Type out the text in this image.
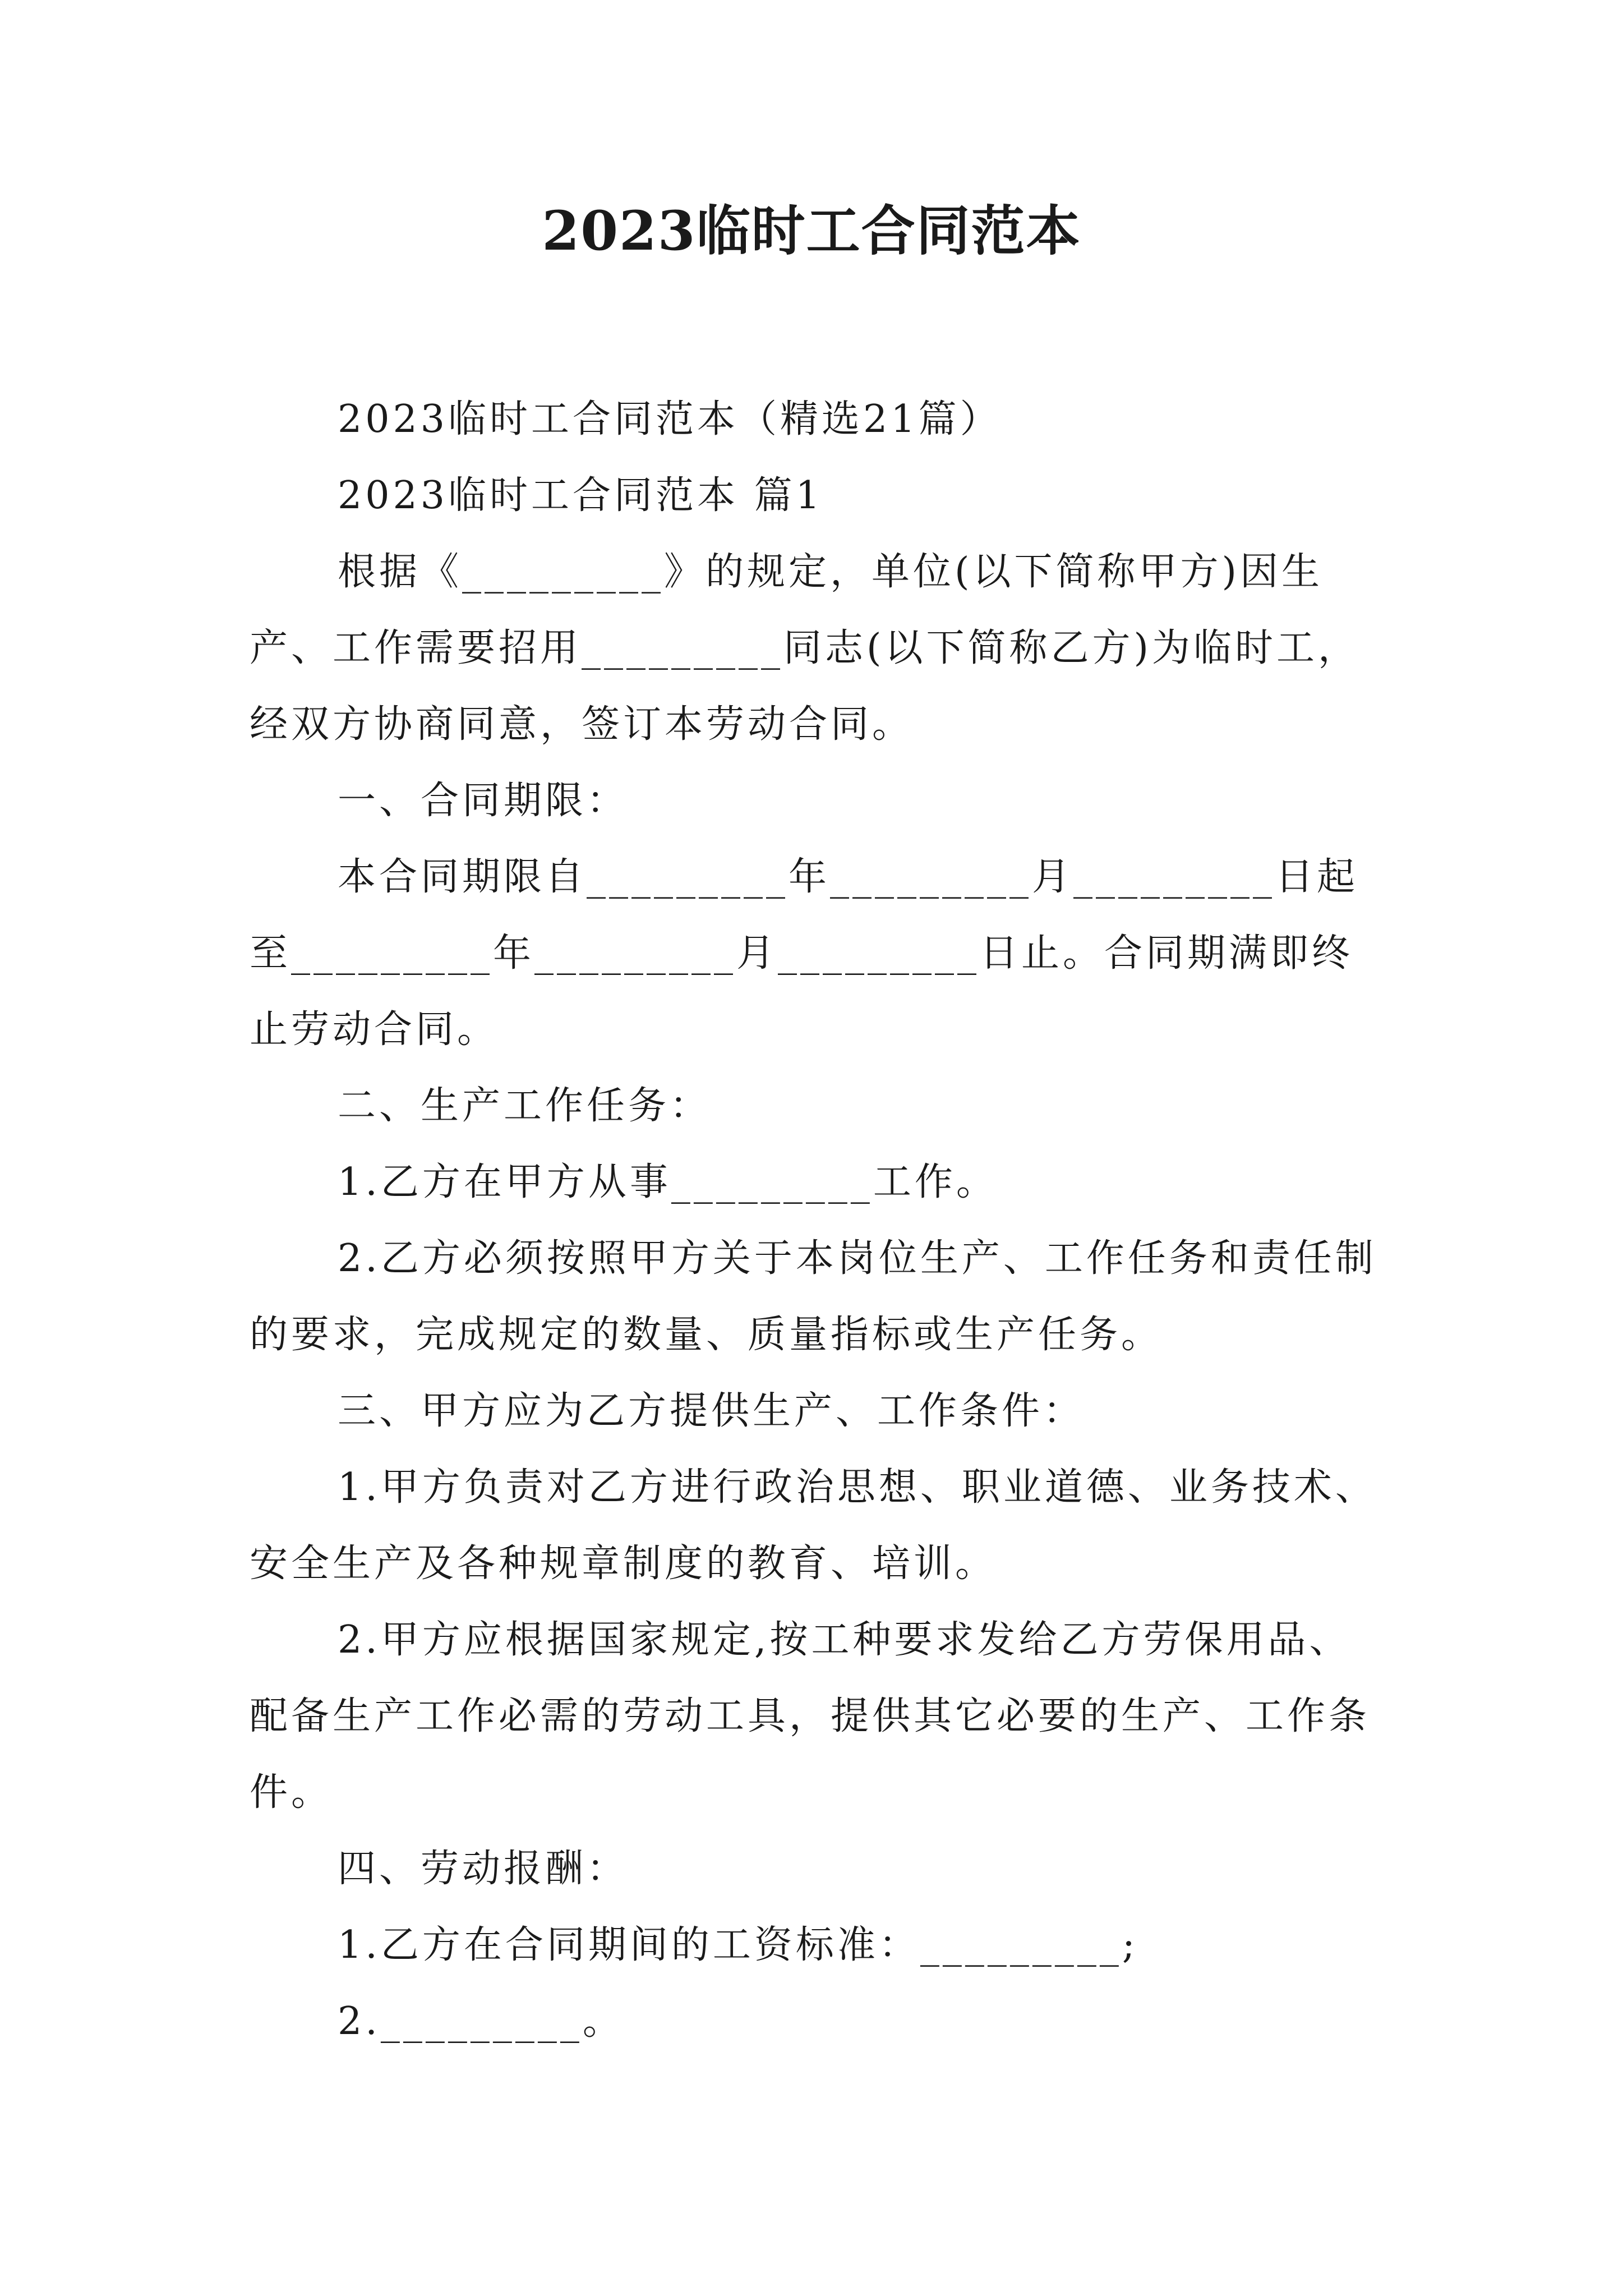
2023临时工合同范本

2023临时工合同范本（精选21篇）

2023临时工合同范本 篇1

根据《_________》的规定，单位(以下简称甲方)因生产、工作需要招用_________同志(以下简称乙方)为临时工，经双方协商同意，签订本劳动合同。

一、合同期限：

本合同期限自_________年_________月_________日起至_________年_________月_________日止。合同期满即终止劳动合同。

二、生产工作任务：

1.乙方在甲方从事_________工作。

2.乙方必须按照甲方关于本岗位生产、工作任务和责任制的要求，完成规定的数量、质量指标或生产任务。

三、甲方应为乙方提供生产、工作条件：

1.甲方负责对乙方进行政治思想、职业道德、业务技术、安全生产及各种规章制度的教育、培训。

2.甲方应根据国家规定,按工种要求发给乙方劳保用品、配备生产工作必需的劳动工具，提供其它必要的生产、工作条件。

四、劳动报酬：

1.乙方在合同期间的工资标准：_________;

2._________。
